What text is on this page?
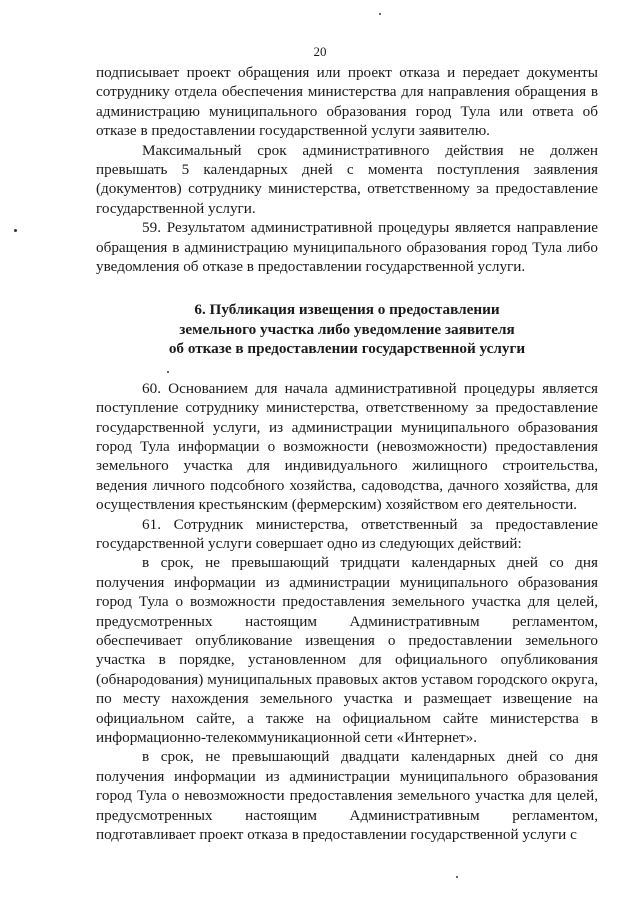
20

подписывает проект обращения или проект отказа и передает документы сотруднику отдела обеспечения министерства для направления обращения в администрацию муниципального образования город Тула или ответа об отказе в предоставлении государственной услуги заявителю.

Максимальный срок административного действия не должен превышать 5 календарных дней с момента поступления заявления (документов) сотруднику министерства, ответственному за предоставление государственной услуги.

59. Результатом административной процедуры является направление обращения в администрацию муниципального образования город Тула либо уведомления об отказе в предоставлении государственной услуги.

6. Публикация извещения о предоставлении
земельного участка либо уведомление заявителя
об отказе в предоставлении государственной услуги

60. Основанием для начала административной процедуры является поступление сотруднику министерства, ответственному за предоставление государственной услуги, из администрации муниципального образования город Тула информации о возможности (невозможности) предоставления земельного участка для индивидуального жилищного строительства, ведения личного подсобного хозяйства, садоводства, дачного хозяйства, для осуществления крестьянским (фермерским) хозяйством его деятельности.

61. Сотрудник министерства, ответственный за предоставление государственной услуги совершает одно из следующих действий:

в срок, не превышающий тридцати календарных дней со дня получения информации из администрации муниципального образования город Тула о возможности предоставления земельного участка для целей, предусмотренных настоящим Административным регламентом, обеспечивает опубликование извещения о предоставлении земельного участка в порядке, установленном для официального опубликования (обнародования) муниципальных правовых актов уставом городского округа, по месту нахождения земельного участка и размещает извещение на официальном сайте, а также на официальном сайте министерства в информационно-телекоммуникационной сети «Интернет».

в срок, не превышающий двадцати календарных дней со дня получения информации из администрации муниципального образования город Тула о невозможности предоставления земельного участка для целей, предусмотренных настоящим Административным регламентом, подготавливает проект отказа в предоставлении государственной услуги с
